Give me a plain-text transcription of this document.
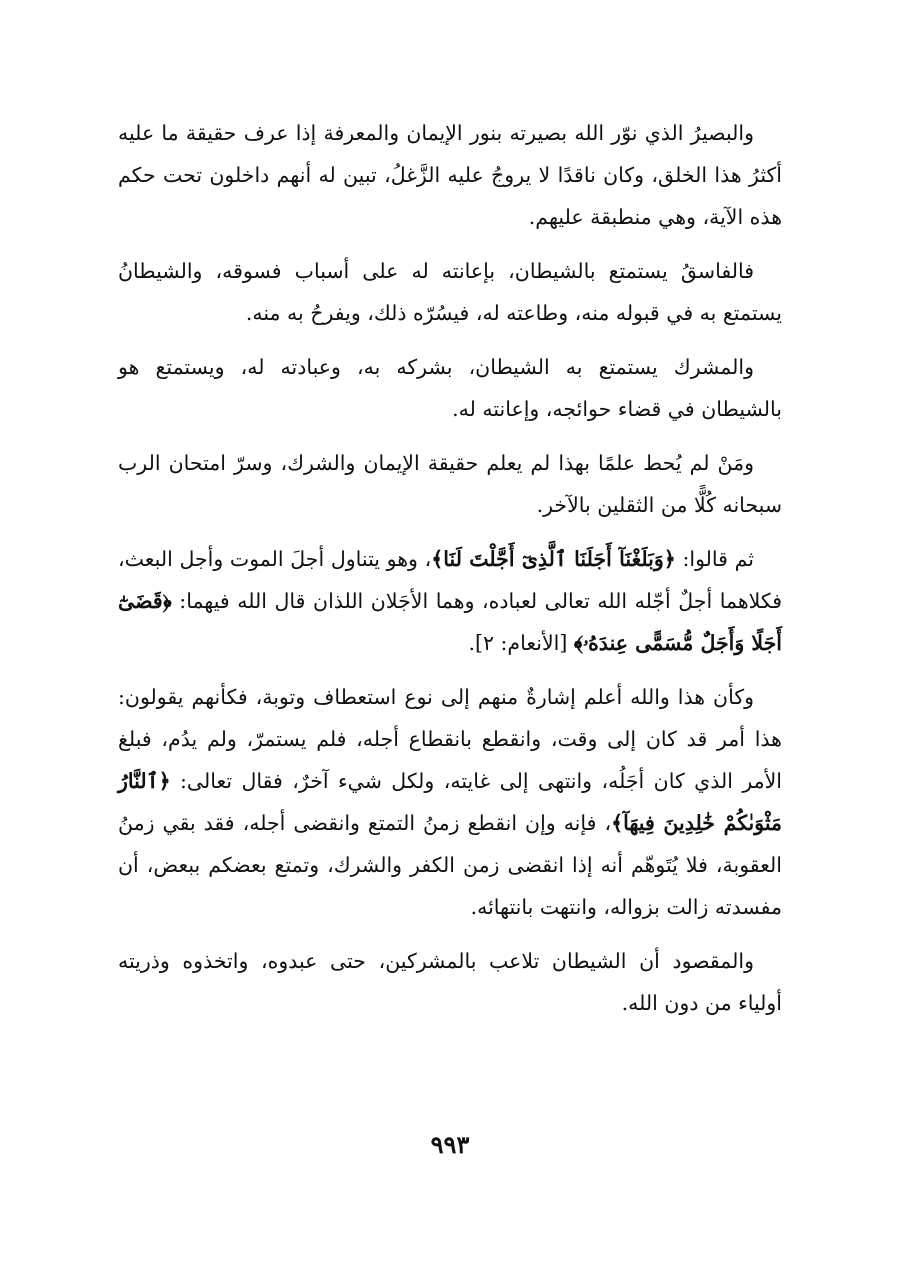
والبصيرُ الذي نوّر الله بصيرته بنور الإيمان والمعرفة إذا عرف حقيقة ما عليه أكثرُ هذا الخلق، وكان ناقدًا لا يروجُ عليه الزَّغلُ، تبين له أنهم داخلون تحت حكم هذه الآية، وهي منطبقة عليهم.

فالفاسقُ يستمتع بالشيطان، بإعانته له على أسباب فسوقه، والشيطانُ يستمتع به في قبوله منه، وطاعته له، فيسُرّه ذلك، ويفرحُ به منه.

والمشرك يستمتع به الشيطان، بشركه به، وعبادته له، ويستمتع هو بالشيطان في قضاء حوائجه، وإعانته له.

ومَنْ لم يُحط علمًا بهذا لم يعلم حقيقة الإيمان والشرك، وسرّ امتحان الرب سبحانه كُلًّا من الثقلين بالآخر.

ثم قالوا: ﴿وَبَلَغْنَآ أَجَلَنَا ٱلَّذِىٓ أَجَّلْتَ لَنَا﴾، وهو يتناول أجلَ الموت وأجل البعث، فكلاهما أجلٌ أجّله الله تعالى لعباده، وهما الأجَلان اللذان قال الله فيهما: ﴿قَضَىٰٓ أَجَلًا وَأَجَلٌ مُّسَمًّى عِندَهُۥ﴾ [الأنعام: ٢].

وكأن هذا والله أعلم إشارةٌ منهم إلى نوع استعطاف وتوبة، فكأنهم يقولون: هذا أمر قد كان إلى وقت، وانقطع بانقطاع أجله، فلم يستمرّ، ولم يدُم، فبلغ الأمر الذي كان أجَلُه، وانتهى إلى غايته، ولكل شيء آخرٌ، فقال تعالى: ﴿ٱلنَّارُ مَثْوَىٰكُمْ خَٰلِدِينَ فِيهَآ﴾، فإنه وإن انقطع زمنُ التمتع وانقضى أجله، فقد بقي زمنُ العقوبة، فلا يُتَوهّم أنه إذا انقضى زمن الكفر والشرك، وتمتع بعضكم ببعض، أن مفسدته زالت بزواله، وانتهت بانتهائه.

والمقصود أن الشيطان تلاعب بالمشركين، حتى عبدوه، واتخذوه وذريته أولياء من دون الله.

٩٩٣
